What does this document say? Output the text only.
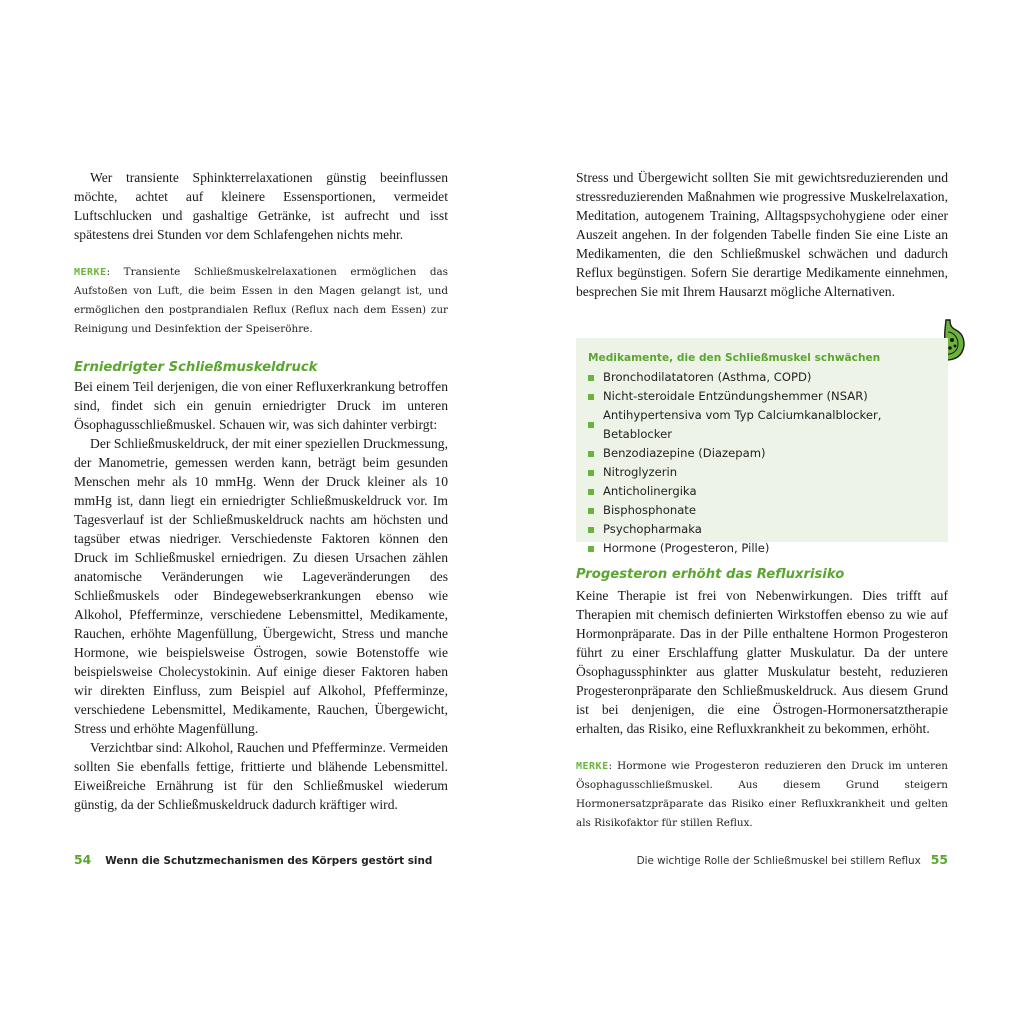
Wer transiente Sphinkterrelaxationen günstig beeinflussen möchte, achtet auf kleinere Essensportionen, vermeidet Luftschlucken und gashaltige Getränke, ist aufrecht und isst spätestens drei Stunden vor dem Schlafengehen nichts mehr.

MERKE: Transiente Schließmuskelrelaxationen ermöglichen das Aufstoßen von Luft, die beim Essen in den Magen gelangt ist, und ermöglichen den postprandialen Reflux (Reflux nach dem Essen) zur Reinigung und Desinfektion der Speiseröhre.

Erniedrigter Schließmuskeldruck

Bei einem Teil derjenigen, die von einer Refluxerkrankung betroffen sind, findet sich ein genuin erniedrigter Druck im unteren Ösophagusschließmuskel. Schauen wir, was sich dahinter verbirgt:

Der Schließmuskeldruck, der mit einer speziellen Druckmessung, der Manometrie, gemessen werden kann, beträgt beim gesunden Menschen mehr als 10 mmHg. Wenn der Druck kleiner als 10 mmHg ist, dann liegt ein erniedrigter Schließmuskeldruck vor. Im Tagesverlauf ist der Schließmuskeldruck nachts am höchsten und tagsüber etwas niedriger. Verschiedenste Faktoren können den Druck im Schließmuskel erniedrigen. Zu diesen Ursachen zählen anatomische Veränderungen wie Lageveränderungen des Schließmuskels oder Bindegewebserkrankungen ebenso wie Alkohol, Pfefferminze, verschiedene Lebensmittel, Medikamente, Rauchen, erhöhte Magenfüllung, Übergewicht, Stress und manche Hormone, wie beispielsweise Östrogen, sowie Botenstoffe wie beispielsweise Cholecystokinin. Auf einige dieser Faktoren haben wir direkten Einfluss, zum Beispiel auf Alkohol, Pfefferminze, verschiedene Lebensmittel, Medikamente, Rauchen, Übergewicht, Stress und erhöhte Magenfüllung.

Verzichtbar sind: Alkohol, Rauchen und Pfefferminze. Vermeiden sollten Sie ebenfalls fettige, frittierte und blähende Lebensmittel. Eiweißreiche Ernährung ist für den Schließmuskel wiederum günstig, da der Schließmuskeldruck dadurch kräftiger wird.

Stress und Übergewicht sollten Sie mit gewichtsreduzierenden und stressreduzierenden Maßnahmen wie progressive Muskelrelaxation, Meditation, autogenem Training, Alltagspsychohygiene oder einer Auszeit angehen. In der folgenden Tabelle finden Sie eine Liste an Medikamenten, die den Schließmuskel schwächen und dadurch Reflux begünstigen. Sofern Sie derartige Medikamente einnehmen, besprechen Sie mit Ihrem Hausarzt mögliche Alternativen.

Medikamente, die den Schließmuskel schwächen
Bronchodilatatoren (Asthma, COPD)
Nicht-steroidale Entzündungshemmer (NSAR)
Antihypertensiva vom Typ Calciumkanalblocker, Betablocker
Benzodiazepine (Diazepam)
Nitroglyzerin
Anticholinergika
Bisphosphonate
Psychopharmaka
Hormone (Progesteron, Pille)
Progesteron erhöht das Refluxrisiko

Keine Therapie ist frei von Nebenwirkungen. Dies trifft auf Therapien mit chemisch definierten Wirkstoffen ebenso zu wie auf Hormonpräparate. Das in der Pille enthaltene Hormon Progesteron führt zu einer Erschlaffung glatter Muskulatur. Da der untere Ösophagussphinkter aus glatter Muskulatur besteht, reduzieren Progesteronpräparate den Schließmuskeldruck. Aus diesem Grund ist bei denjenigen, die eine Östrogen-Hormonersatztherapie erhalten, das Risiko, eine Refluxkrankheit zu bekommen, erhöht.

MERKE: Hormone wie Progesteron reduzieren den Druck im unteren Ösophagusschließmuskel. Aus diesem Grund steigern Hormonersatzpräparate das Risiko einer Refluxkrankheit und gelten als Risikofaktor für stillen Reflux.

54 Wenn die Schutzmechanismen des Körpers gestört sind	Die wichtige Rolle der Schließmuskel bei stillem Reflux 55
